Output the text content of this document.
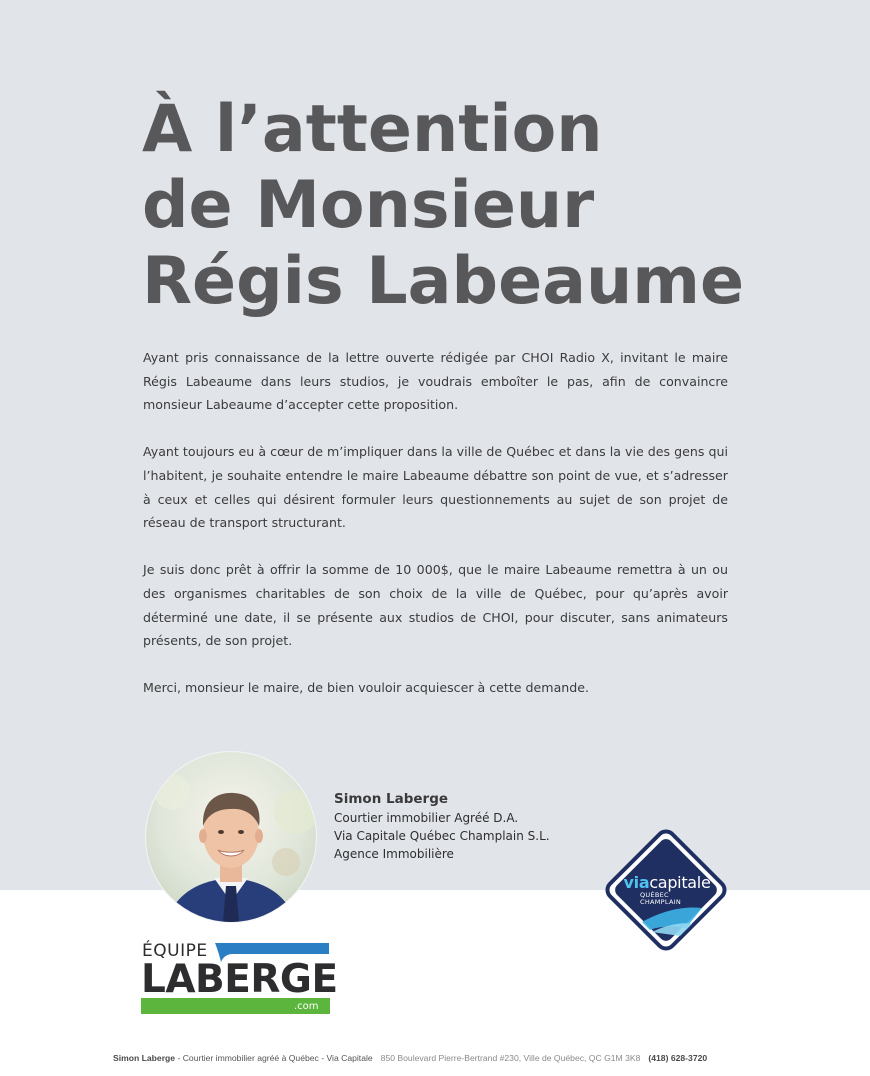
À l’attention
de Monsieur
Régis Labeaume

Ayant pris connaissance de la lettre ouverte rédigée par CHOI Radio X, invitant le maire Régis Labeaume dans leurs studios, je voudrais emboîter le pas, afin de convaincre monsieur Labeaume d’accepter cette proposition.

Ayant toujours eu à cœur de m’impliquer dans la ville de Québec et dans la vie des gens qui l’habitent, je souhaite entendre le maire Labeaume débattre son point de vue, et s’adresser à ceux et celles qui désirent formuler leurs questionnements au sujet de son projet de réseau de transport structurant.

Je suis donc prêt à offrir la somme de 10 000$, que le maire Labeaume remettra à un ou des organismes charitables de son choix de la ville de Québec, pour qu’après avoir déterminé une date, il se présente aux studios de CHOI, pour discuter, sans animateurs présents, de son projet.

Merci, monsieur le maire, de bien vouloir acquiescer à cette demande.

Simon Laberge
Courtier immobilier Agréé D.A.
Via Capitale Québec Champlain S.L.
Agence Immobilière
viacapitale
QUÉBEC
CHAMPLAIN
ÉQUIPE
LABERGE
.com
Simon Laberge - Courtier immobilier agréé à Québec - Via Capitale 850 Boulevard Pierre-Bertrand #230, Ville de Québec, QC G1M 3K8 (418) 628-3720
